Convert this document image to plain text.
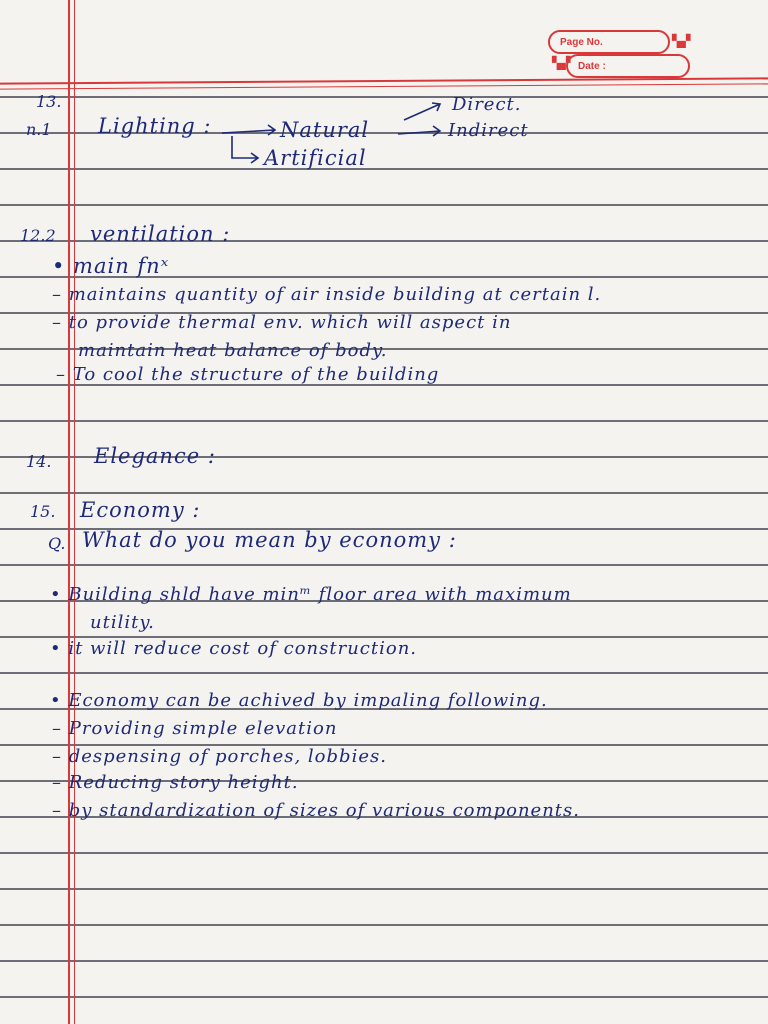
▚▞
▚▞
Page No.
Date :
13.
n.1 Lighting :
Direct.
Indirect
Natural
Artificial
12.2 ventilation :
• main fnˣ
– maintains quantity of air inside building at certain l.
– to provide thermal env. which will aspect in
maintain heat balance of body.
– To cool the structure of the building
14. Elegance :
15. Economy :
Q. What do you mean by economy :
• Building shld have minᵐ floor area with maximum
utility.
• it will reduce cost of construction.
• Economy can be achived by impaling following.
– Providing simple elevation
– despensing of porches, lobbies.
– Reducing story height.
– by standardization of sizes of various components.
